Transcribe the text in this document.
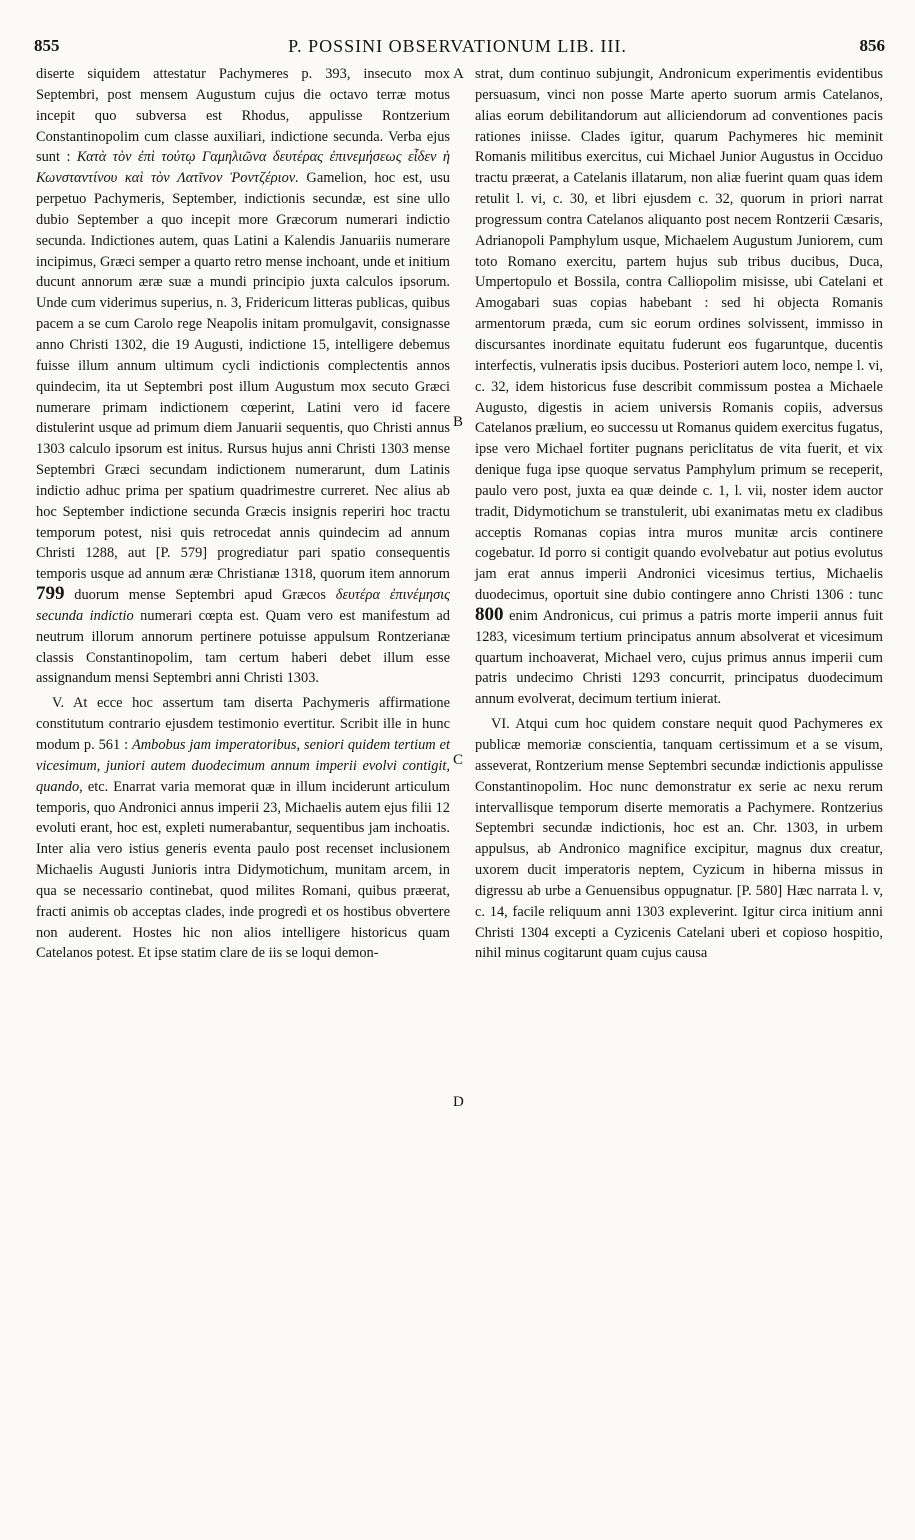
855	P. POSSINI OBSERVATIONUM LIB. III.	856

diserte siquidem attestatur Pachymeres p. 393, insecuto mox Septembri, post mensem Augustum cujus die octavo terræ motus incepit quo subversa est Rhodus, appulisse Rontzerium Constantinopolim cum classe auxiliari, indictione secunda. Verba ejus sunt : Κατὰ τὸν ἐπὶ τούτῳ Γαμηλιῶνα δευτέρας ἐπινεμήσεως εἶδεν ἡ Κωνσταντίνου καὶ τὸν Λατῖνον Ῥοντζέριον. Gamelion, hoc est, usu perpetuo Pachymeris, September, indictionis secundæ, est sine ullo dubio September a quo incepit more Græcorum numerari indictio secunda. Indictiones autem, quas Latini a Kalendis Januariis numerare incipimus, Græci semper a quarto retro mense inchoant, unde et initium ducunt annorum æræ suæ a mundi principio juxta calculos ipsorum. Unde cum viderimus superius, n. 3, Fridericum litteras publicas, quibus pacem a se cum Carolo rege Neapolis initam promulgavit, consignasse anno Christi 1302, die 19 Augusti, indictione 15, intelligere debemus fuisse illum annum ultimum cycli indictionis complectentis annos quindecim, ita ut Septembri post illum Augustum mox secuto Græci numerare primam indictionem cœperint, Latini vero id facere distulerint usque ad primum diem Januarii sequentis, quo Christi annus 1303 calculo ipsorum est initus. Rursus hujus anni Christi 1303 mense Septembri Græci secundam indictionem numerarunt, dum Latinis indictio adhuc prima per spatium quadrimestre curreret. Nec alius ab hoc September indictione secunda Græcis insignis reperiri hoc tractu temporum potest, nisi quis retrocedat annis quindecim ad annum Christi 1288, aut [P. 579] progrediatur pari spatio consequentis temporis usque ad annum æræ Christianæ 1318, quorum item annorum 799 duorum mense Septembri apud Græcos δευτέρα ἐπινέμησις secunda indictio numerari cœpta est. Quam vero est manifestum ad neutrum illorum annorum pertinere potuisse appulsum Rontzerianæ classis Constantinopolim, tam certum haberi debet illum esse assignandum mensi Septembri anni Christi 1303.

V. At ecce hoc assertum tam diserta Pachymeris affirmatione constitutum contrario ejusdem testimonio evertitur. Scribit ille in hunc modum p. 561 : Ambobus jam imperatoribus, seniori quidem tertium et vicesimum, juniori autem duodecimum annum imperii evolvi contigit, quando, etc. Enarrat varia memorat quæ in illum inciderunt articulum temporis, quo Andronici annus imperii 23, Michaelis autem ejus filii 12 evoluti erant, hoc est, expleti numerabantur, sequentibus jam inchoatis. Inter alia vero istius generis eventa paulo post recenset inclusionem Michaelis Augusti Junioris intra Didymotichum, munitam arcem, in qua se necessario continebat, quod milites Romani, quibus præerat, fracti animis ob acceptas clades, inde progredi et os hostibus obvertere non auderent. Hostes hic non alios intelligere historicus quam Catelanos potest. Et ipse statim clare de iis se loqui demon-

A
B
C
D

strat, dum continuo subjungit, Andronicum experimentis evidentibus persuasum, vinci non posse Marte aperto suorum armis Catelanos, alias eorum debilitandorum aut alliciendorum ad conventiones pacis rationes iniisse. Clades igitur, quarum Pachymeres hic meminit Romanis militibus exercitus, cui Michael Junior Augustus in Occiduo tractu præerat, a Catelanis illatarum, non aliæ fuerint quam quas idem retulit l. vi, c. 30, et libri ejusdem c. 32, quorum in priori narrat progressum contra Catelanos aliquanto post necem Rontzerii Cæsaris, Adrianopoli Pamphylum usque, Michaelem Augustum Juniorem, cum toto Romano exercitu, partem hujus sub tribus ducibus, Duca, Umpertopulo et Bossila, contra Calliopolim misisse, ubi Catelani et Amogabari suas copias habebant : sed hi objecta Romanis armentorum præda, cum sic eorum ordines solvissent, immisso in discursantes inordinate equitatu fuderunt eos fugaruntque, ducentis interfectis, vulneratis ipsis ducibus. Posteriori autem loco, nempe l. vi, c. 32, idem historicus fuse describit commissum postea a Michaele Augusto, digestis in aciem universis Romanis copiis, adversus Catelanos prælium, eo successu ut Romanus quidem exercitus fugatus, ipse vero Michael fortiter pugnans periclitatus de vita fuerit, et vix denique fuga ipse quoque servatus Pamphylum primum se receperit, paulo vero post, juxta ea quæ deinde c. 1, l. vii, noster idem auctor tradit, Didymotichum se transtulerit, ubi exanimatas metu ex cladibus acceptis Romanas copias intra muros munitæ arcis continere cogebatur. Id porro si contigit quando evolvebatur aut potius evolutus jam erat annus imperii Andronici vicesimus tertius, Michaelis duodecimus, oportuit sine dubio contingere anno Christi 1306 : tunc 800 enim Andronicus, cui primus a patris morte imperii annus fuit 1283, vicesimum tertium principatus annum absolverat et vicesimum quartum inchoaverat, Michael vero, cujus primus annus imperii cum patris undecimo Christi 1293 concurrit, principatus duodecimum annum evolverat, decimum tertium inierat.

VI. Atqui cum hoc quidem constare nequit quod Pachymeres ex publicæ memoriæ conscientia, tanquam certissimum et a se visum, asseverat, Rontzerium mense Septembri secundæ indictionis appulisse Constantinopolim. Hoc nunc demonstratur ex serie ac nexu rerum intervallisque temporum diserte memoratis a Pachymere. Rontzerius Septembri secundæ indictionis, hoc est an. Chr. 1303, in urbem appulsus, ab Andronico magnifice excipitur, magnus dux creatur, uxorem ducit imperatoris neptem, Cyzicum in hiberna missus in digressu ab urbe a Genuensibus oppugnatur. [P. 580] Hæc narrata l. v, c. 14, facile reliquum anni 1303 expleverint. Igitur circa initium anni Christi 1304 excepti a Cyzicenis Catelani uberi et copioso hospitio, nihil minus cogitarunt quam cujus causa
